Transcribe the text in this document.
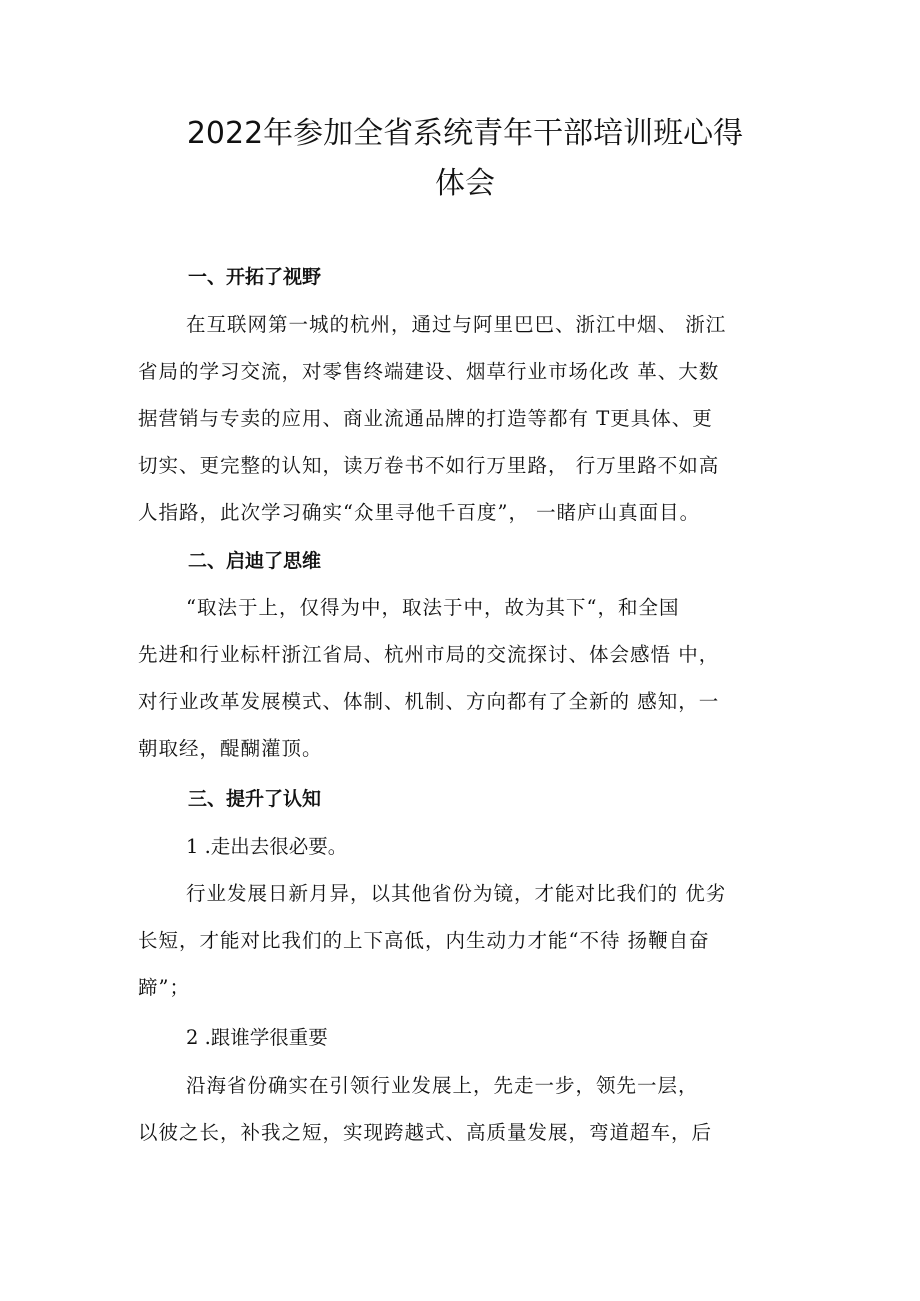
2022年参加全省系统青年干部培训班心得
体会
一、开拓了视野
在互联网第一城的杭州，通过与阿里巴巴、浙江中烟、 浙江
省局的学习交流，对零售终端建设、烟草行业市场化改 革、大数
据营销与专卖的应用、商业流通品牌的打造等都有 T更具体、更
切实、更完整的认知，读万卷书不如行万里路， 行万里路不如高
人指路，此次学习确实“众里寻他千百度”， 一睹庐山真面目。
二、启迪了思维
“取法于上，仅得为中，取法于中，故为其下“，和全国
先进和行业标杆浙江省局、杭州市局的交流探讨、体会感悟 中，
对行业改革发展模式、体制、机制、方向都有了全新的 感知，一
朝取经，醍醐灌顶。
三、提升了认知
1 .走出去很必要。
行业发展日新月异，以其他省份为镜，才能对比我们的 优劣
长短，才能对比我们的上下高低，内生动力才能“不待 扬鞭自奋
蹄”；
2 .跟谁学很重要
沿海省份确实在引领行业发展上，先走一步，领先一层，
以彼之长，补我之短，实现跨越式、高质量发展，弯道超车，后
